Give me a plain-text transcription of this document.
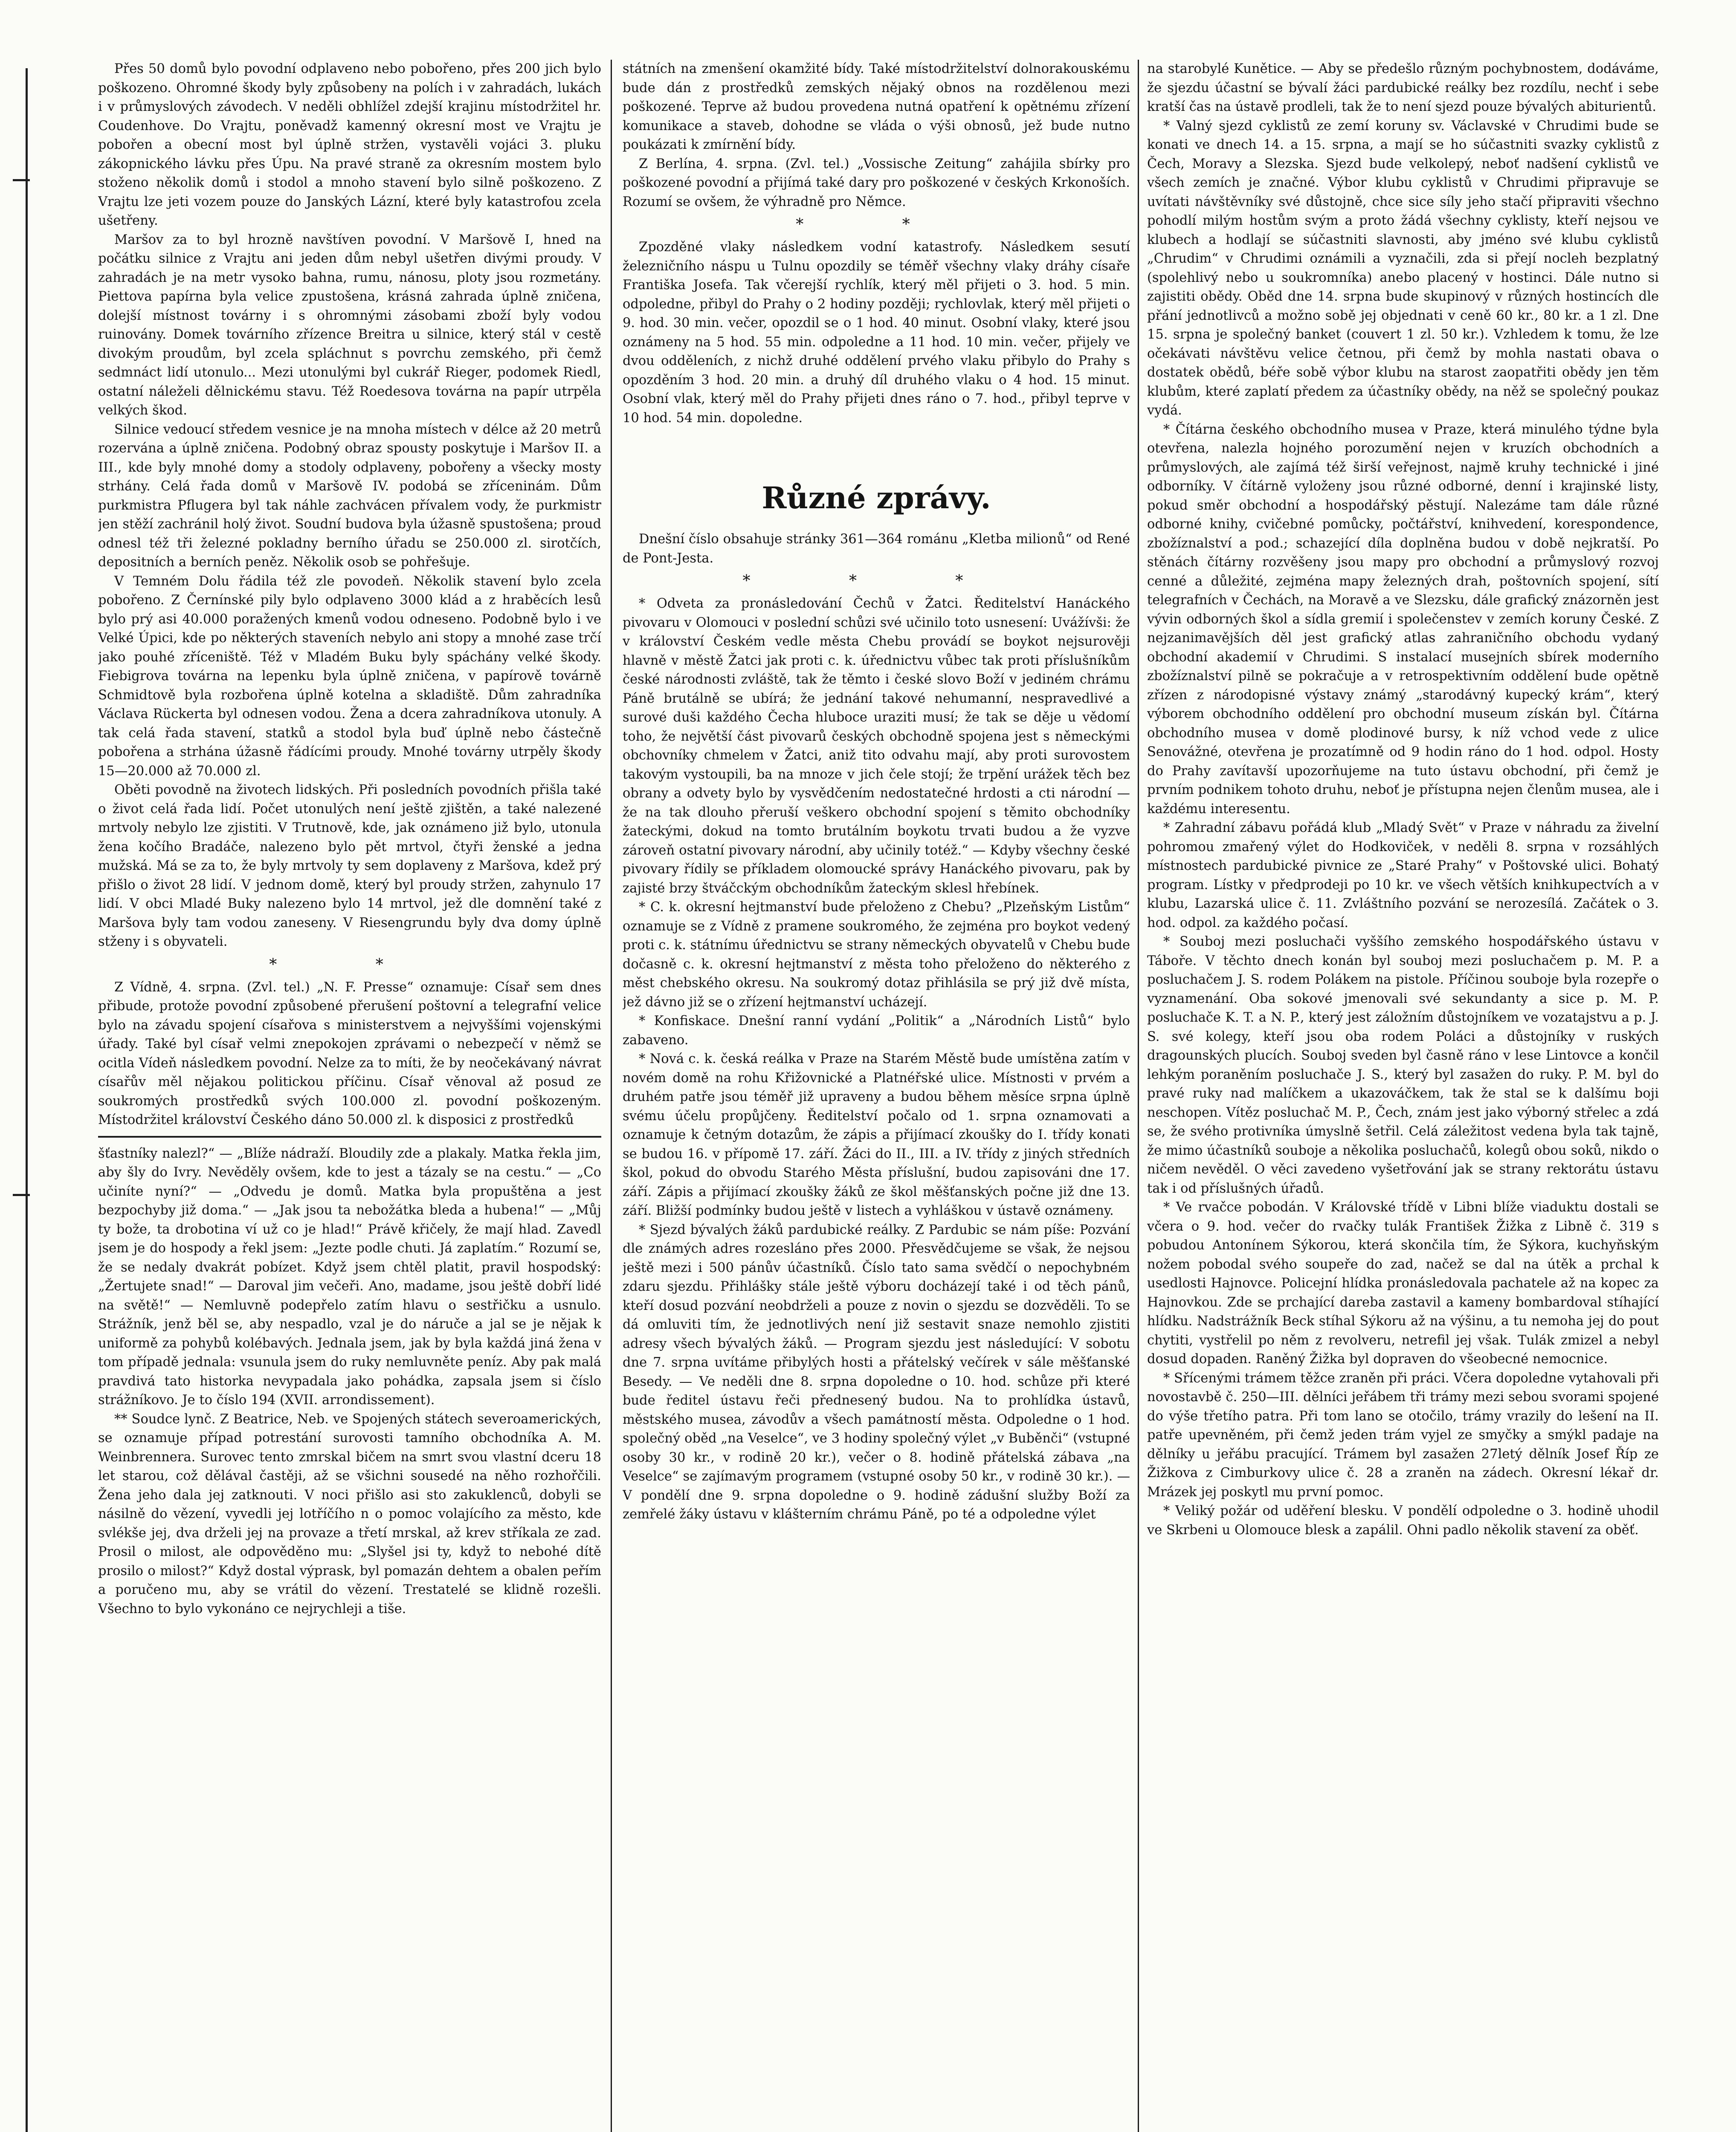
Přes 50 domů bylo povodní odplaveno nebo pobořeno, přes 200 jich bylo poškozeno. Ohromné škody byly způsobeny na polích i v zahradách, lukách i v průmyslových závodech. V neděli obhlížel zdejší krajinu místodržitel hr. Coudenhove. Do Vrajtu, poněvadž kamenný okresní most ve Vrajtu je pobořen a obecní most byl úplně stržen, vystavěli vojáci 3. pluku zákopnického lávku přes Úpu. Na pravé straně za okresním mostem bylo stoženo několik domů i stodol a mnoho stavení bylo silně poškozeno. Z Vrajtu lze jeti vozem pouze do Janských Lázní, které byly katastrofou zcela ušetřeny.

Maršov za to byl hrozně navštíven povodní. V Maršově I, hned na počátku silnice z Vrajtu ani jeden dům nebyl ušetřen divými proudy. V zahradách je na metr vysoko bahna, rumu, nánosu, ploty jsou rozmetány. Piettova papírna byla velice zpustošena, krásná zahrada úplně zničena, dolejší místnost továrny i s ohromnými zásobami zboží byly vodou ruinovány. Domek továrního zřízence Breitra u silnice, který stál v cestě divokým proudům, byl zcela spláchnut s povrchu zemského, při čemž sedmnáct lidí utonulo... Mezi utonulými byl cukrář Rieger, podomek Riedl, ostatní náleželi dělnickému stavu. Též Roedesova továrna na papír utrpěla velkých škod.

Silnice vedoucí středem vesnice je na mnoha místech v délce až 20 metrů rozervána a úplně zničena. Podobný obraz spousty poskytuje i Maršov II. a III., kde byly mnohé domy a stodoly odplaveny, pobořeny a všecky mosty strhány. Celá řada domů v Maršově IV. podobá se zříceninám. Dům purkmistra Pflugera byl tak náhle zachvácen přívalem vody, že purkmistr jen stěží zachránil holý život. Soudní budova byla úžasně spustošena; proud odnesl též tři železné pokladny berního úřadu se 250.000 zl. sirotčích, depositních a berních peněz. Několik osob se pohřešuje.

V Temném Dolu řádila též zle povodeň. Několik stavení bylo zcela pobořeno. Z Černínské pily bylo odplaveno 3000 klád a z hraběcích lesů bylo prý asi 40.000 poražených kmenů vodou odneseno. Podobně bylo i ve Velké Úpici, kde po některých staveních nebylo ani stopy a mnohé zase trčí jako pouhé zříceniště. Též v Mladém Buku byly spáchány velké škody. Fiebigrova továrna na lepenku byla úplně zničena, v papírově továrně Schmidtově byla rozbořena úplně kotelna a skladiště. Dům zahradníka Václava Rückerta byl odnesen vodou. Žena a dcera zahradníkova utonuly. A tak celá řada stavení, statků a stodol byla buď úplně nebo částečně pobořena a strhána úžasně řádícími proudy. Mnohé továrny utrpěly škody 15—20.000 až 70.000 zl.

Oběti povodně na životech lidských. Při posledních povodních přišla také o život celá řada lidí. Počet utonulých není ještě zjištěn, a také nalezené mrtvoly nebylo lze zjistiti. V Trutnově, kde, jak oznámeno již bylo, utonula žena kočího Bradáče, nalezeno bylo pět mrtvol, čtyři ženské a jedna mužská. Má se za to, že byly mrtvoly ty sem doplaveny z Maršova, kdež prý přišlo o život 28 lidí. V jednom domě, který byl proudy stržen, zahynulo 17 lidí. V obci Mladé Buky nalezeno bylo 14 mrtvol, jež dle domnění také z Maršova byly tam vodou zaneseny. V Riesengrundu byly dva domy úplně stženy i s obyvateli.

* *

Z Vídně, 4. srpna. (Zvl. tel.) „N. F. Presse“ oznamuje: Císař sem dnes přibude, protože povodní způsobené přerušení poštovní a telegrafní velice bylo na závadu spojení císařova s ministerstvem a nejvyššími vojenskými úřady. Také byl císař velmi znepokojen zprávami o nebezpečí v němž se ocitla Vídeň následkem povodní. Nelze za to míti, že by neočekávaný návrat císařův měl nějakou politickou příčinu. Císař věnoval až posud ze soukromých prostředků svých 100.000 zl. povodní poškozeným. Místodržitel království Českého dáno 50.000 zl. k disposici z prostředků

šťastníky nalezl?“ — „Blíže nádraží. Bloudily zde a plakaly. Matka řekla jim, aby šly do Ivry. Nevěděly ovšem, kde to jest a tázaly se na cestu.“ — „Co učiníte nyní?“ — „Odvedu je domů. Matka byla propuštěna a jest bezpochyby již doma.“ — „Jak jsou ta nebožátka bleda a hubena!“ — „Můj ty bože, ta drobotina ví už co je hlad!“ Právě křičely, že mají hlad. Zavedl jsem je do hospody a řekl jsem: „Jezte podle chuti. Já zaplatím.“ Rozumí se, že se nedaly dvakrát pobízet. Když jsem chtěl platit, pravil hospodský: „Žertujete snad!“ — Daroval jim večeři. Ano, madame, jsou ještě dobří lidé na světě!“ — Nemluvně podepřelo zatím hlavu o sestřičku a usnulo. Strážník, jenž běl se, aby nespadlo, vzal je do náruče a jal se je nějak k uniformě za pohybů kolébavých. Jednala jsem, jak by byla každá jiná žena v tom případě jednala: vsunula jsem do ruky nemluvněte peníz. Aby pak malá pravdivá tato historka nevypadala jako pohádka, zapsala jsem si číslo strážníkovo. Je to číslo 194 (XVII. arrondissement).

** Soudce lynč. Z Beatrice, Neb. ve Spojených státech severoamerických, se oznamuje případ potrestání surovosti tamního obchodníka A. M. Weinbrennera. Surovec tento zmrskal bičem na smrt svou vlastní dceru 18 let starou, což dělával častěji, až se všichni sousedé na něho rozhořčili. Žena jeho dala jej zatknouti. V noci přišlo asi sto zakuklenců, dobyli se násilně do vězení, vyvedli jej lotříčího n o pomoc volajícího za město, kde svlékše jej, dva drželi jej na provaze a třetí mrskal, až krev stříkala ze zad. Prosil o milost, ale odpověděno mu: „Slyšel jsi ty, když to nebohé dítě prosilo o milost?“ Když dostal výprask, byl pomazán dehtem a obalen peřím a poručeno mu, aby se vrátil do vězení. Trestatelé se klidně rozešli. Všechno to bylo vykonáno ce nejrychleji a tiše.

státních na zmenšení okamžité bídy. Také místodržitelství dolnorakouskému bude dán z prostředků zemských nějaký obnos na rozdělenou mezi poškozené. Teprve až budou provedena nutná opatření k opětnému zřízení komunikace a staveb, dohodne se vláda o výši obnosů, jež bude nutno poukázati k zmírnění bídy.

Z Berlína, 4. srpna. (Zvl. tel.) „Vossische Zeitung“ zahájila sbírky pro poškozené povodní a přijímá také dary pro poškozené v českých Krkonoších. Rozumí se ovšem, že výhradně pro Němce.

* *

Zpozděné vlaky následkem vodní katastrofy. Následkem sesutí železničního náspu u Tulnu opozdily se téměř všechny vlaky dráhy císaře Františka Josefa. Tak včerejší rychlík, který měl přijeti o 3. hod. 5 min. odpoledne, přibyl do Prahy o 2 hodiny později; rychlovlak, který měl přijeti o 9. hod. 30 min. večer, opozdil se o 1 hod. 40 minut. Osobní vlaky, které jsou oznámeny na 5 hod. 55 min. odpoledne a 11 hod. 10 min. večer, přijely ve dvou odděleních, z nichž druhé oddělení prvého vlaku přibylo do Prahy s opozděním 3 hod. 20 min. a druhý díl druhého vlaku o 4 hod. 15 minut. Osobní vlak, který měl do Prahy přijeti dnes ráno o 7. hod., přibyl teprve v 10 hod. 54 min. dopoledne.

Různé zprávy.

Dnešní číslo obsahuje stránky 361—364 románu „Kletba milionů“ od René de Pont-Jesta.

* * *

* Odveta za pronásledování Čechů v Žatci. Ředitelství Hanáckého pivovaru v Olomouci v poslední schůzi své učinilo toto usnesení: Uvážívši: že v království Českém vedle města Chebu provádí se boykot nejsurověji hlavně v městě Žatci jak proti c. k. úřednictvu vůbec tak proti příslušníkům české národnosti zvláště, tak že těmto i české slovo Boží v jediném chrámu Páně brutálně se ubírá; že jednání takové nehumanní, nespravedlivé a surové duši každého Čecha hluboce uraziti musí; že tak se děje u vědomí toho, že největší část pivovarů českých obchodně spojena jest s německými obchovníky chmelem v Žatci, aniž tito odvahu mají, aby proti surovostem takovým vystoupili, ba na mnoze v jich čele stojí; že trpění urážek těch bez obrany a odvety bylo by vysvědčením nedostatečné hrdosti a cti národní — že na tak dlouho přeruší veškero obchodní spojení s těmito obchodníky žateckými, dokud na tomto brutálním boykotu trvati budou a že vyzve zároveň ostatní pivovary národní, aby učinily totéž.“ — Kdyby všechny české pivovary řídily se příkladem olomoucké správy Hanáckého pivovaru, pak by zajisté brzy štváčckým obchodníkům žateckým sklesl hřebínek.

* C. k. okresní hejtmanství bude přeloženo z Chebu? „Plzeňským Listům“ oznamuje se z Vídně z pramene soukromého, že zejména pro boykot vedený proti c. k. státnímu úřednictvu se strany německých obyvatelů v Chebu bude dočasně c. k. okresní hejtmanství z města toho přeloženo do některého z měst chebského okresu. Na soukromý dotaz přihlásila se prý již dvě místa, jež dávno již se o zřízení hejtmanství ucházejí.

* Konfiskace. Dnešní ranní vydání „Politik“ a „Národních Listů“ bylo zabaveno.

* Nová c. k. česká reálka v Praze na Starém Městě bude umístěna zatím v novém domě na rohu Křižovnické a Platnéřské ulice. Místnosti v prvém a druhém patře jsou téměř již upraveny a budou během měsíce srpna úplně svému účelu propůjčeny. Ředitelství počalo od 1. srpna oznamovati a oznamuje k četným dotazům, že zápis a přijímací zkoušky do I. třídy konati se budou 16. v přípomě 17. září. Žáci do II., III. a IV. třídy z jiných středních škol, pokud do obvodu Starého Města příslušní, budou zapisováni dne 17. září. Zápis a přijímací zkoušky žáků ze škol měšťanských počne již dne 13. září. Bližší podmínky budou ještě v listech a vyhláškou v ústavě oznámeny.

* Sjezd bývalých žáků pardubické reálky. Z Pardubic se nám píše: Pozvání dle známých adres rozesláno přes 2000. Přesvědčujeme se však, že nejsou ještě mezi i 500 pánův účastníků. Číslo tato sama svědčí o nepochybném zdaru sjezdu. Přihlášky stále ještě výboru docházejí také i od těch pánů, kteří dosud pozvání neobdrželi a pouze z novin o sjezdu se dozvěděli. To se dá omluviti tím, že jednotlivých není již sestavit snaze nemohlo zjistiti adresy všech bývalých žáků. — Program sjezdu jest následující: V sobotu dne 7. srpna uvítáme přibylých hosti a přátelský večírek v sále měšťanské Besedy. — Ve neděli dne 8. srpna dopoledne o 10. hod. schůze při které bude ředitel ústavu řeči přednesený budou. Na to prohlídka ústavů, městského musea, závodův a všech památností města. Odpoledne o 1 hod. společný oběd „na Veselce“, ve 3 hodiny společný výlet „v Buběnči“ (vstupné osoby 30 kr., v rodině 20 kr.), večer o 8. hodině přátelská zábava „na Veselce“ se zajímavým programem (vstupné osoby 50 kr., v rodině 30 kr.). — V pondělí dne 9. srpna dopoledne o 9. hodině zádušní služby Boží za zemřelé žáky ústavu v klášterním chrámu Páně, po té a odpoledne výlet

na starobylé Kunětice. — Aby se předešlo různým pochybnostem, dodáváme, že sjezdu účastní se bývalí žáci pardubické reálky bez rozdílu, nechť i sebe kratší čas na ústavě prodleli, tak že to není sjezd pouze bývalých abiturientů.

* Valný sjezd cyklistů ze zemí koruny sv. Václavské v Chrudimi bude se konati ve dnech 14. a 15. srpna, a mají se ho súčastniti svazky cyklistů z Čech, Moravy a Slezska. Sjezd bude velkolepý, neboť nadšení cyklistů ve všech zemích je značné. Výbor klubu cyklistů v Chrudimi připravuje se uvítati návštěvníky své důstojně, chce sice síly jeho stačí připraviti všechno pohodlí milým hostům svým a proto žádá všechny cyklisty, kteří nejsou ve klubech a hodlají se súčastniti slavnosti, aby jméno své klubu cyklistů „Chrudim“ v Chrudimi oznámili a vyznačili, zda si přejí nocleh bezplatný (spolehlivý nebo u soukromníka) anebo placený v hostinci. Dále nutno si zajistiti obědy. Oběd dne 14. srpna bude skupinový v různých hostincích dle přání jednotlivců a možno sobě jej objednati v ceně 60 kr., 80 kr. a 1 zl. Dne 15. srpna je společný banket (couvert 1 zl. 50 kr.). Vzhledem k tomu, že lze očekávati návštěvu velice četnou, při čemž by mohla nastati obava o dostatek obědů, béře sobě výbor klubu na starost zaopatřiti obědy jen těm klubům, které zaplatí předem za účastníky obědy, na něž se společný poukaz vydá.

* Čítárna českého obchodního musea v Praze, která minulého týdne byla otevřena, nalezla hojného porozumění nejen v kruzích obchodních a průmyslových, ale zajímá též širší veřejnost, najmě kruhy technické i jiné odborníky. V čítárně vyloženy jsou různé odborné, denní i krajinské listy, pokud směr obchodní a hospodářský pěstují. Nalezáme tam dále různé odborné knihy, cvičebné pomůcky, počtářství, knihvedení, korespondence, zbožíznalství a pod.; schazející díla doplněna budou v době nejkratší. Po stěnách čítárny rozvěšeny jsou mapy pro obchodní a průmyslový rozvoj cenné a důležité, zejména mapy železných drah, poštovních spojení, sítí telegrafních v Čechách, na Moravě a ve Slezsku, dále grafický znázorněn jest vývin odborných škol a sídla gremií i společenstev v zemích koruny České. Z nejzanimavějších děl jest grafický atlas zahraničního obchodu vydaný obchodní akademií v Chrudimi. S instalací musejních sbírek moderního zbožíznalství pilně se pokračuje a v retrospektivním oddělení bude opětně zřízen z národopisné výstavy známý „starodávný kupecký krám“, který výborem obchodního oddělení pro obchodní museum získán byl. Čítárna obchodního musea v domě plodinové bursy, k níž vchod vede z ulice Senovážné, otevřena je prozatímně od 9 hodin ráno do 1 hod. odpol. Hosty do Prahy zavítavší upozorňujeme na tuto ústavu obchodní, při čemž je prvním podnikem tohoto druhu, neboť je přístupna nejen členům musea, ale i každému interesentu.

* Zahradní zábavu pořádá klub „Mladý Svět“ v Praze v náhradu za živelní pohromou zmařený výlet do Hodkoviček, v neděli 8. srpna v rozsáhlých místnostech pardubické pivnice ze „Staré Prahy“ v Poštovské ulici. Bohatý program. Lístky v předprodeji po 10 kr. ve všech větších knihkupectvích a v klubu, Lazarská ulice č. 11. Zvláštního pozvání se nerozesílá. Začátek o 3. hod. odpol. za každého počasí.

* Souboj mezi posluchači vyššího zemského hospodářského ústavu v Táboře. V těchto dnech konán byl souboj mezi posluchačem p. M. P. a posluchačem J. S. rodem Polákem na pistole. Příčinou souboje byla rozepře o vyznamenání. Oba sokové jmenovali své sekundanty a sice p. M. P. posluchače K. T. a N. P., který jest záložním důstojníkem ve vozatajstvu a p. J. S. své kolegy, kteří jsou oba rodem Poláci a důstojníky v ruských dragounských plucích. Souboj sveden byl časně ráno v lese Lintovce a končil lehkým poraněním posluchače J. S., který byl zasažen do ruky. P. M. byl do pravé ruky nad malíčkem a ukazováčkem, tak že stal se k dalšímu boji neschopen. Vítěz posluchač M. P., Čech, znám jest jako výborný střelec a zdá se, že svého protivníka úmyslně šetřil. Celá záležitost vedena byla tak tajně, že mimo účastníků souboje a několika posluchačů, kolegů obou soků, nikdo o ničem nevěděl. O věci zavedeno vyšetřování jak se strany rektorátu ústavu tak i od příslušných úřadů.

* Ve rvačce pobodán. V Královské třídě v Libni blíže viaduktu dostali se včera o 9. hod. večer do rvačky tulák František Žižka z Libně č. 319 s pobudou Antonínem Sýkorou, která skončila tím, že Sýkora, kuchyňským nožem pobodal svého soupeře do zad, načež se dal na útěk a prchal k usedlosti Hajnovce. Policejní hlídka pronásledovala pachatele až na kopec za Hajnovkou. Zde se prchající dareba zastavil a kameny bombardoval stíhající hlídku. Nadstrážník Beck stíhal Sýkoru až na výšinu, a tu nemoha jej do pout chytiti, vystřelil po něm z revolveru, netrefil jej však. Tulák zmizel a nebyl dosud dopaden. Raněný Žižka byl dopraven do všeobecné nemocnice.

* Sřícenými trámem těžce zraněn při práci. Včera dopoledne vytahovali při novostavbě č. 250—III. dělníci jeřábem tři trámy mezi sebou svorami spojené do výše třetího patra. Při tom lano se otočilo, trámy vrazily do lešení na II. patře upevněném, při čemž jeden trám vyjel ze smyčky a smýkl padaje na dělníky u jeřábu pracující. Trámem byl zasažen 27letý dělník Josef Říp ze Žižkova z Cimburkovy ulice č. 28 a zraněn na zádech. Okresní lékař dr. Mrázek jej poskytl mu první pomoc.

* Veliký požár od uděření blesku. V pondělí odpoledne o 3. hodině uhodil ve Skrbeni u Olomouce blesk a zapálil. Ohni padlo několik stavení za oběť.
